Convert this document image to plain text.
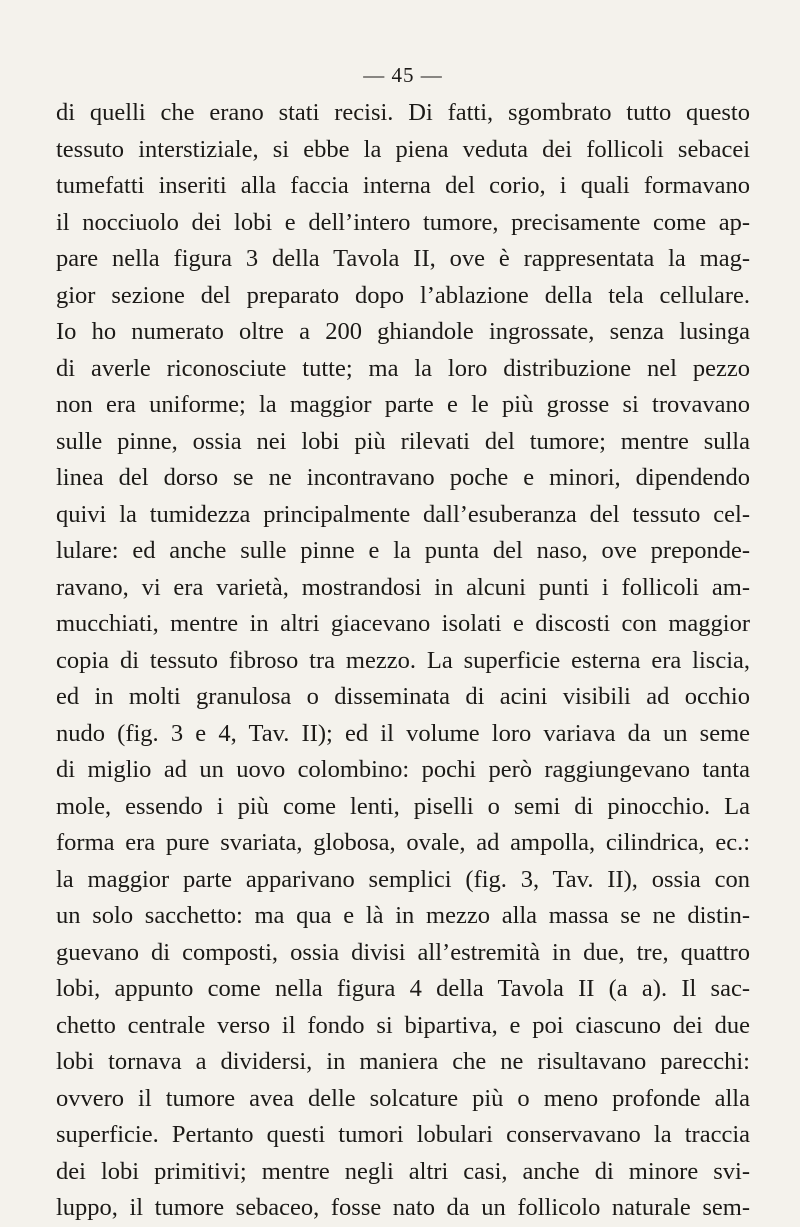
— 45 —
di quelli che erano stati recisi. Di fatti, sgombrato tutto questo
tessuto interstiziale, si ebbe la piena veduta dei follicoli sebacei
tumefatti inseriti alla faccia interna del corio, i quali formavano
il nocciuolo dei lobi e dell’intero tumore, precisamente come ap-
pare nella figura 3 della Tavola II, ove è rappresentata la mag-
gior sezione del preparato dopo l’ablazione della tela cellulare.
Io ho numerato oltre a 200 ghiandole ingrossate, senza lusinga
di averle riconosciute tutte; ma la loro distribuzione nel pezzo
non era uniforme; la maggior parte e le più grosse si trovavano
sulle pinne, ossia nei lobi più rilevati del tumore; mentre sulla
linea del dorso se ne incontravano poche e minori, dipendendo
quivi la tumidezza principalmente dall’esuberanza del tessuto cel-
lulare: ed anche sulle pinne e la punta del naso, ove preponde-
ravano, vi era varietà, mostrandosi in alcuni punti i follicoli am-
mucchiati, mentre in altri giacevano isolati e discosti con maggior
copia di tessuto fibroso tra mezzo. La superficie esterna era liscia,
ed in molti granulosa o disseminata di acini visibili ad occhio
nudo (fig. 3 e 4, Tav. II); ed il volume loro variava da un seme
di miglio ad un uovo colombino: pochi però raggiungevano tanta
mole, essendo i più come lenti, piselli o semi di pinocchio. La
forma era pure svariata, globosa, ovale, ad ampolla, cilindrica, ec.:
la maggior parte apparivano semplici (fig. 3, Tav. II), ossia con
un solo sacchetto: ma qua e là in mezzo alla massa se ne distin-
guevano di composti, ossia divisi all’estremità in due, tre, quattro
lobi, appunto come nella figura 4 della Tavola II (a a). Il sac-
chetto centrale verso il fondo si bipartiva, e poi ciascuno dei due
lobi tornava a dividersi, in maniera che ne risultavano parecchi:
ovvero il tumore avea delle solcature più o meno profonde alla
superficie. Pertanto questi tumori lobulari conservavano la traccia
dei lobi primitivi; mentre negli altri casi, anche di minore svi-
luppo, il tumore sebaceo, fosse nato da un follicolo naturale sem-
